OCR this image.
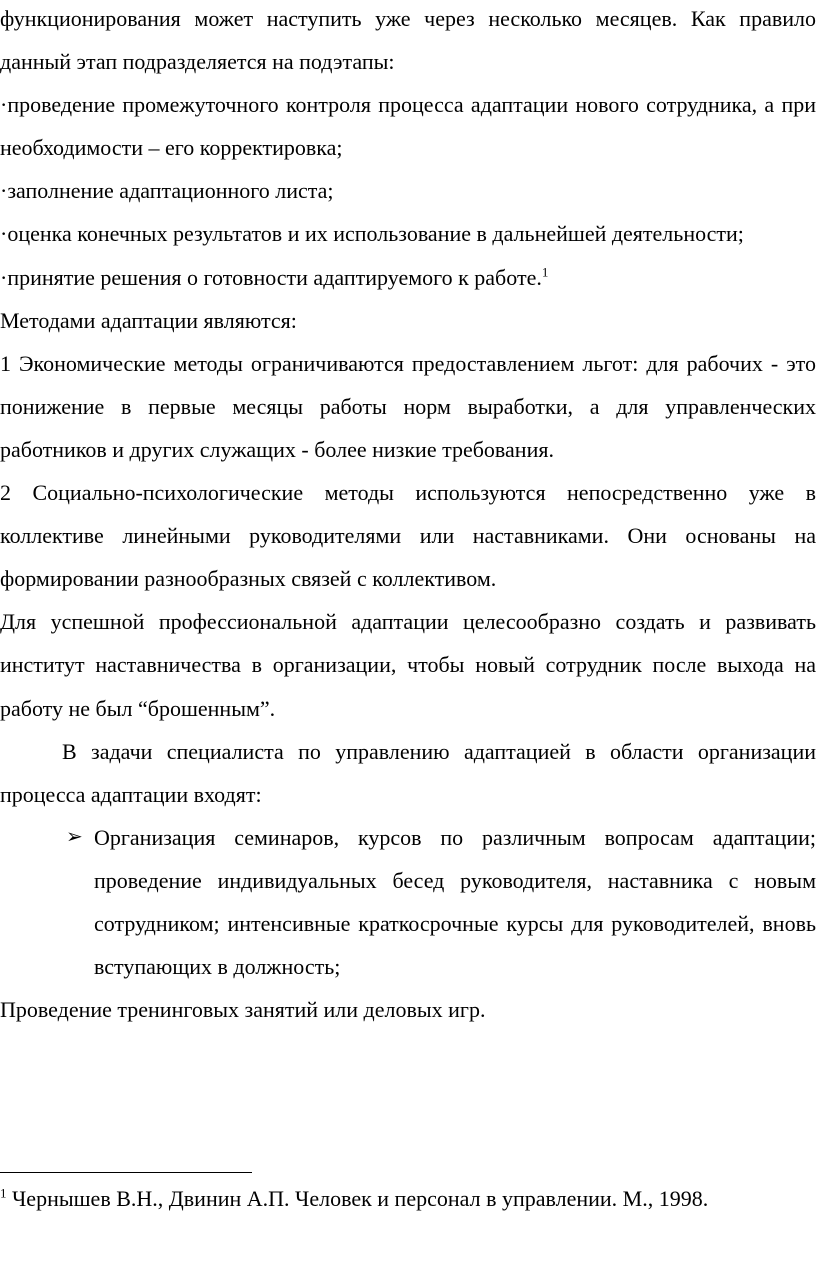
функционирования может наступить уже через несколько месяцев. Как правило данный этап подразделяется на подэтапы:

·проведение промежуточного контроля процесса адаптации нового сотрудника, а при необходимости – его корректировка;

·заполнение адаптационного листа;

·оценка конечных результатов и их использование в дальнейшей деятельности;

·принятие решения о готовности адаптируемого к работе.$^1$

Методами адаптации являются:

1 Экономические методы ограничиваются предоставлением льгот: для рабочих - это понижение в первые месяцы работы норм выработки, а для управленческих работников и других служащих - более низкие требования.

2 Социально-психологические методы используются непосредственно уже в коллективе линейными руководителями или наставниками. Они основаны на формировании разнообразных связей с коллективом.

Для успешной профессиональной адаптации целесообразно создать и развивать институт наставничества в организации, чтобы новый сотрудник после выхода на работу не был “брошенным”.

В задачи специалиста по управлению адаптацией в области организации процесса адаптации входят:

➢ Организация семинаров, курсов по различным вопросам адаптации; проведение индивидуальных бесед руководителя, наставника с новым сотрудником; интенсивные краткосрочные курсы для руководителей, вновь вступающих в должность;

Проведение тренинговых занятий или деловых игр.

$^1$ Чернышев В.Н., Двинин А.П. Человек и персонал в управлении. М., 1998.
